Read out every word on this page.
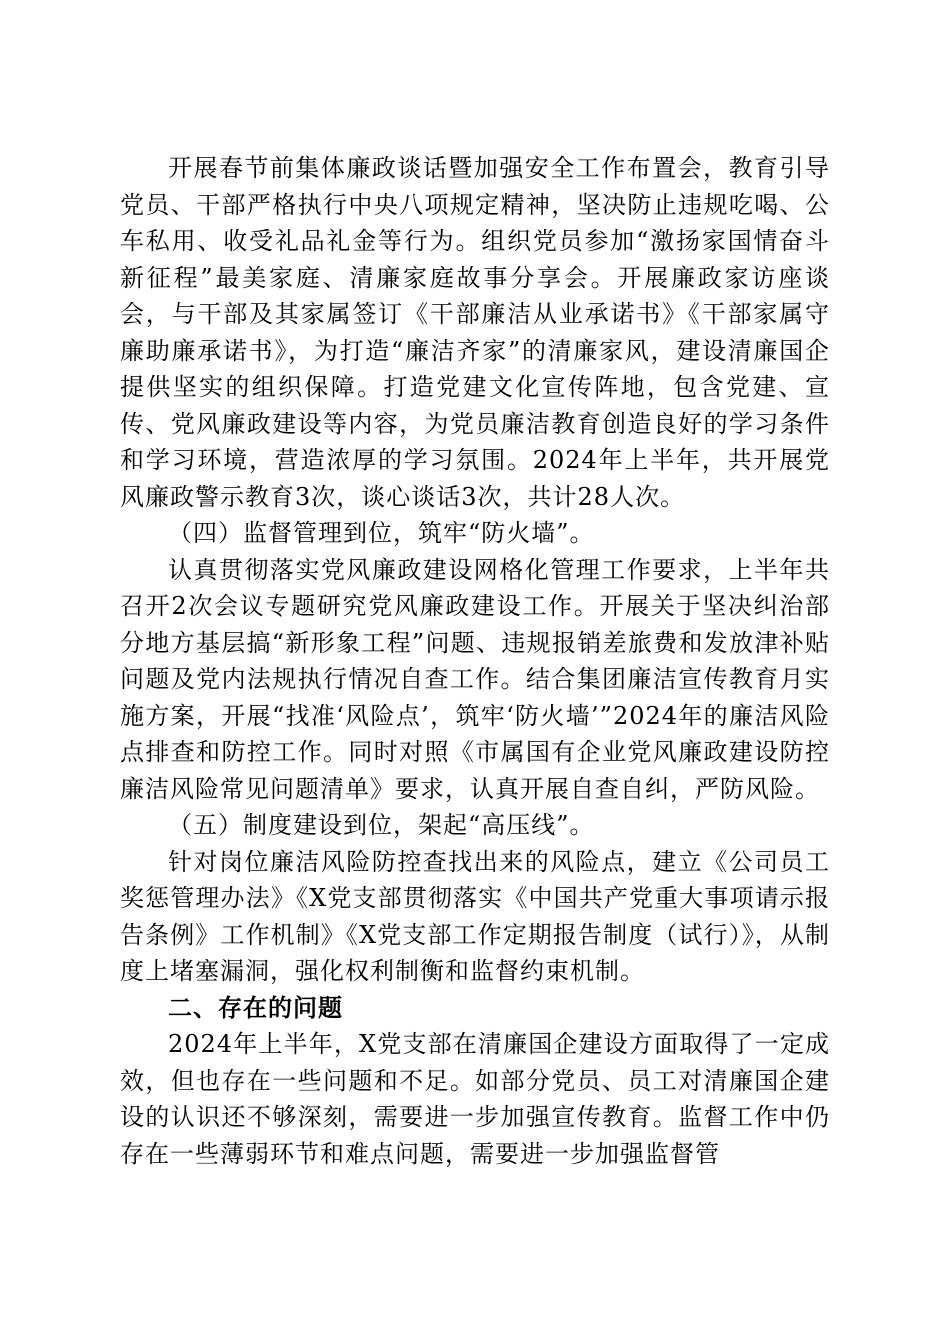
开展春节前集体廉政谈话暨加强安全工作布置会，教育引导党员、干部严格执行中央八项规定精神，坚决防止违规吃喝、公车私用、收受礼品礼金等行为。组织党员参加“激扬家国情奋斗新征程”最美家庭、清廉家庭故事分享会。开展廉政家访座谈会，与干部及其家属签订《干部廉洁从业承诺书》《干部家属守廉助廉承诺书》，为打造“廉洁齐家”的清廉家风，建设清廉国企提供坚实的组织保障。打造党建文化宣传阵地，包含党建、宣传、党风廉政建设等内容，为党员廉洁教育创造良好的学习条件和学习环境，营造浓厚的学习氛围。2024年上半年，共开展党风廉政警示教育3次，谈心谈话3次，共计28人次。

（四）监督管理到位，筑牢“防火墙”。

认真贯彻落实党风廉政建设网格化管理工作要求，上半年共召开2次会议专题研究党风廉政建设工作。开展关于坚决纠治部分地方基层搞“新形象工程”问题、违规报销差旅费和发放津补贴问题及党内法规执行情况自查工作。结合集团廉洁宣传教育月实施方案，开展“找准‘风险点’，筑牢‘防火墙’”2024年的廉洁风险点排查和防控工作。同时对照《市属国有企业党风廉政建设防控廉洁风险常见问题清单》要求，认真开展自查自纠，严防风险。

（五）制度建设到位，架起“高压线”。

针对岗位廉洁风险防控查找出来的风险点，建立《公司员工奖惩管理办法》《X党支部贯彻落实《中国共产党重大事项请示报告条例》工作机制》《X党支部工作定期报告制度（试行）》，从制度上堵塞漏洞，强化权利制衡和监督约束机制。

二、存在的问题

2024年上半年，X党支部在清廉国企建设方面取得了一定成效，但也存在一些问题和不足。如部分党员、员工对清廉国企建设的认识还不够深刻，需要进一步加强宣传教育。监督工作中仍存在一些薄弱环节和难点问题，需要进一步加强监督管
